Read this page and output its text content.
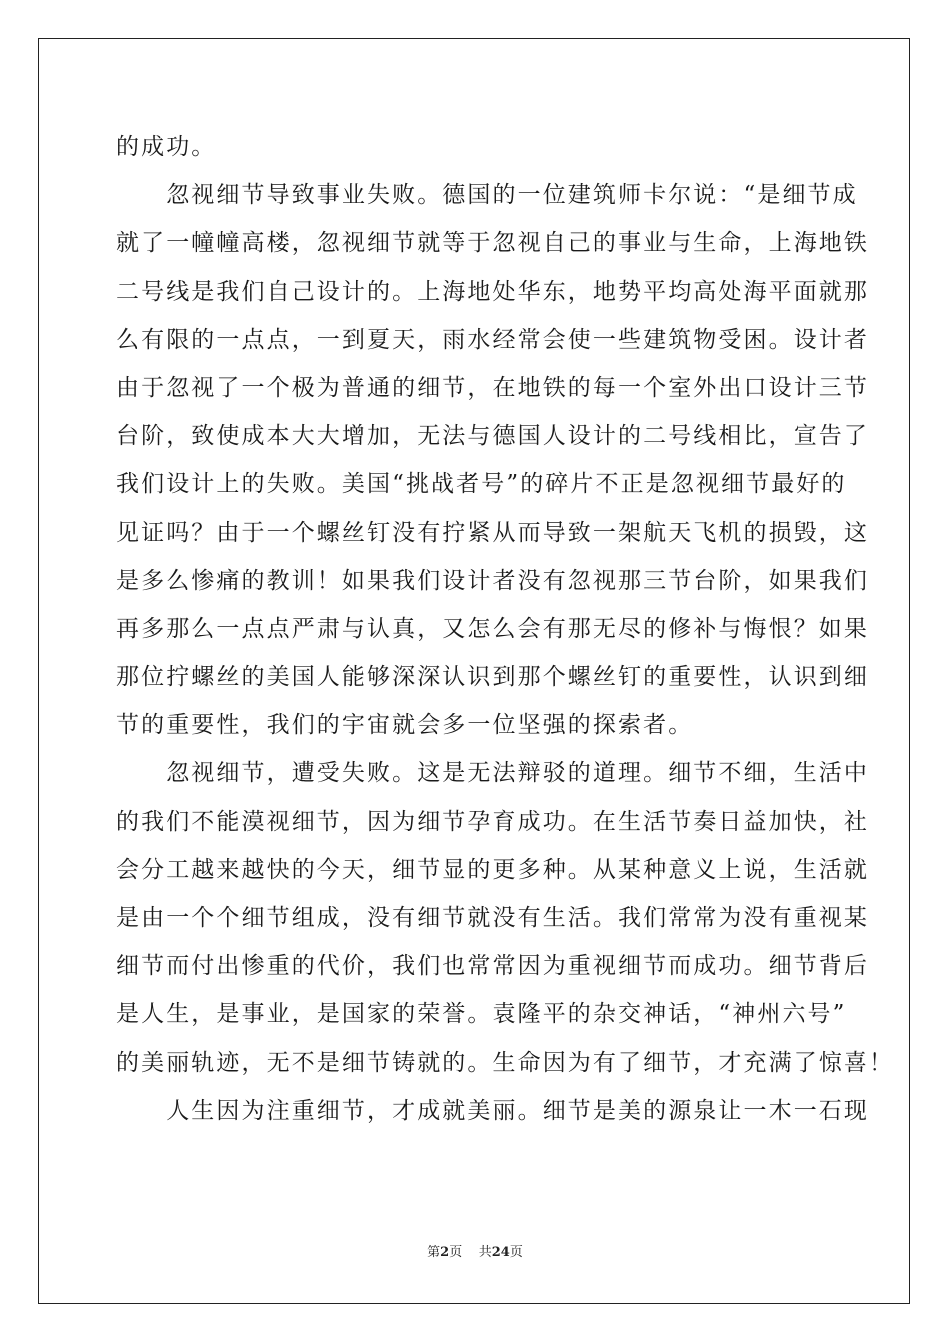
的成功。
　　忽视细节导致事业失败。德国的一位建筑师卡尔说：“是细节成
就了一幢幢高楼，忽视细节就等于忽视自己的事业与生命，上海地铁
二号线是我们自己设计的。上海地处华东，地势平均高处海平面就那
么有限的一点点，一到夏天，雨水经常会使一些建筑物受困。设计者
由于忽视了一个极为普通的细节，在地铁的每一个室外出口设计三节
台阶，致使成本大大增加，无法与德国人设计的二号线相比，宣告了
我们设计上的失败。美国“挑战者号”的碎片不正是忽视细节最好的
见证吗？由于一个螺丝钉没有拧紧从而导致一架航天飞机的损毁，这
是多么惨痛的教训！如果我们设计者没有忽视那三节台阶，如果我们
再多那么一点点严肃与认真，又怎么会有那无尽的修补与悔恨？如果
那位拧螺丝的美国人能够深深认识到那个螺丝钉的重要性，认识到细
节的重要性，我们的宇宙就会多一位坚强的探索者。
　　忽视细节，遭受失败。这是无法辩驳的道理。细节不细，生活中
的我们不能漠视细节，因为细节孕育成功。在生活节奏日益加快，社
会分工越来越快的今天，细节显的更多种。从某种意义上说，生活就
是由一个个细节组成，没有细节就没有生活。我们常常为没有重视某
细节而付出惨重的代价，我们也常常因为重视细节而成功。细节背后
是人生，是事业，是国家的荣誉。袁隆平的杂交神话，“神州六号”
的美丽轨迹，无不是细节铸就的。生命因为有了细节，才充满了惊喜！
　　人生因为注重细节，才成就美丽。细节是美的源泉让一木一石现
第2页 共24页
